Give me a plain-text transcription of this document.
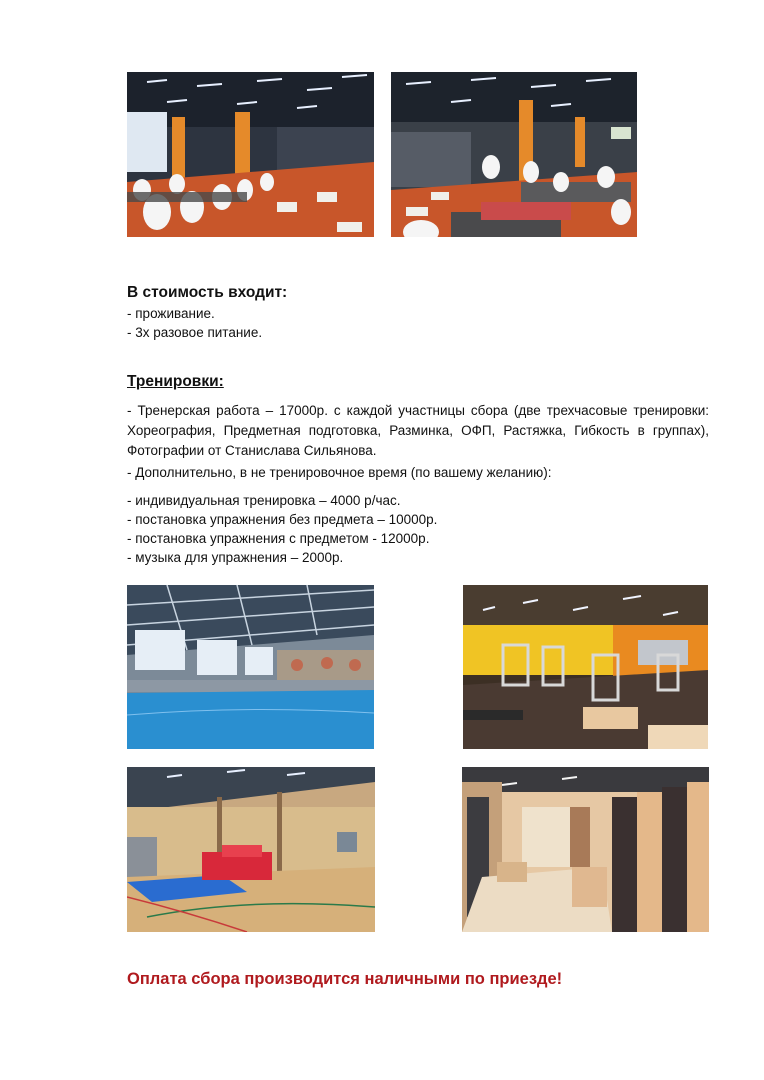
В стоимость входит:

- проживание.

- 3х разовое питание.

Тренировки:

- Тренерская работа – 17000р. с каждой участницы сбора (две трехчасовые тренировки: Хореография, Предметная подготовка, Разминка, ОФП, Растяжка, Гибкость в группах), Фотографии от Станислава Сильянова.

- Дополнительно, в не тренировочное время (по вашему желанию):

- индивидуальная тренировка – 4000 р/час.

- постановка упражнения без предмета – 10000р.

- постановка упражнения с предметом - 12000р.

- музыка для упражнения – 2000р.

Оплата сбора производится наличными по приезде!
